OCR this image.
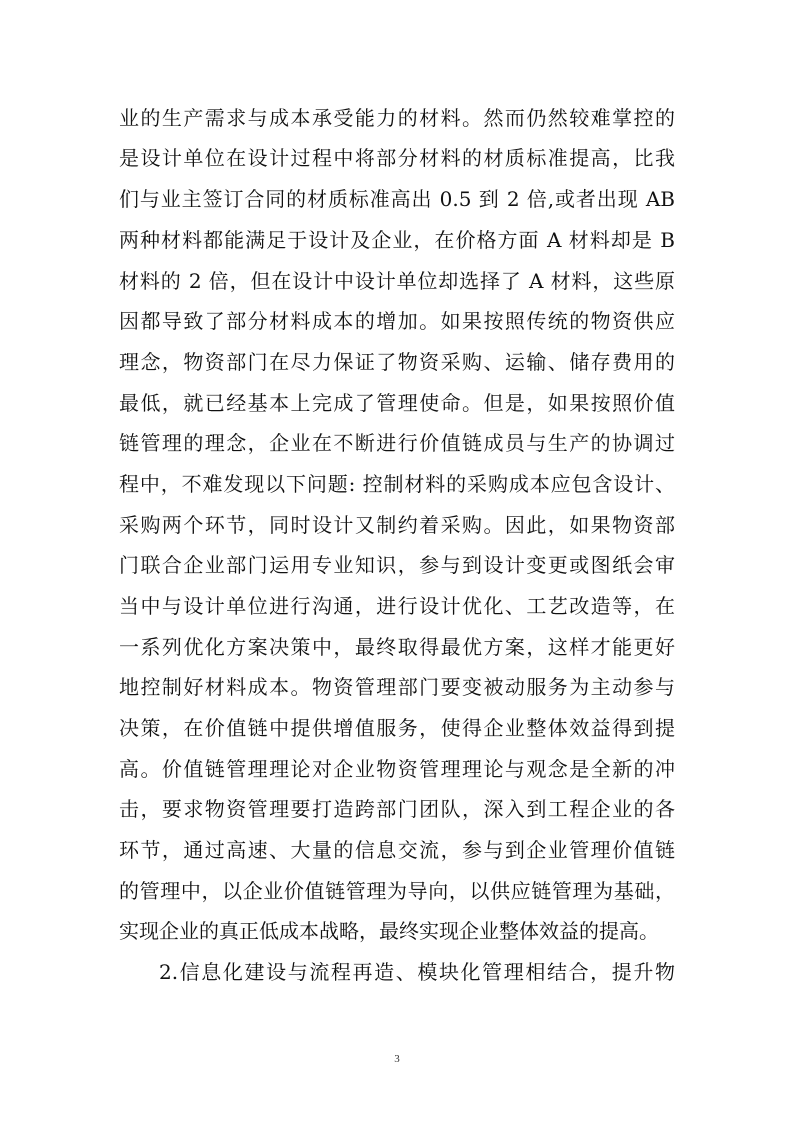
业的生产需求与成本承受能力的材料。然而仍然较难掌控的
是设计单位在设计过程中将部分材料的材质标准提高，比我
们与业主签订合同的材质标准高出 0.5 到 2 倍,或者出现 AB
两种材料都能满足于设计及企业，在价格方面 A 材料却是 B
材料的 2 倍，但在设计中设计单位却选择了 A 材料，这些原
因都导致了部分材料成本的增加。如果按照传统的物资供应
理念，物资部门在尽力保证了物资采购、运输、储存费用的
最低，就已经基本上完成了管理使命。但是，如果按照价值
链管理的理念，企业在不断进行价值链成员与生产的协调过
程中，不难发现以下问题: 控制材料的采购成本应包含设计、
采购两个环节，同时设计又制约着采购。因此，如果物资部
门联合企业部门运用专业知识，参与到设计变更或图纸会审
当中与设计单位进行沟通，进行设计优化、工艺改造等，在
一系列优化方案决策中，最终取得最优方案，这样才能更好
地控制好材料成本。物资管理部门要变被动服务为主动参与
决策，在价值链中提供增值服务，使得企业整体效益得到提
高。价值链管理理论对企业物资管理理论与观念是全新的冲
击，要求物资管理要打造跨部门团队，深入到工程企业的各
环节，通过高速、大量的信息交流，参与到企业管理价值链
的管理中，以企业价值链管理为导向，以供应链管理为基础，
实现企业的真正低成本战略，最终实现企业整体效益的提高。
2.信息化建设与流程再造、模块化管理相结合，提升物
3
